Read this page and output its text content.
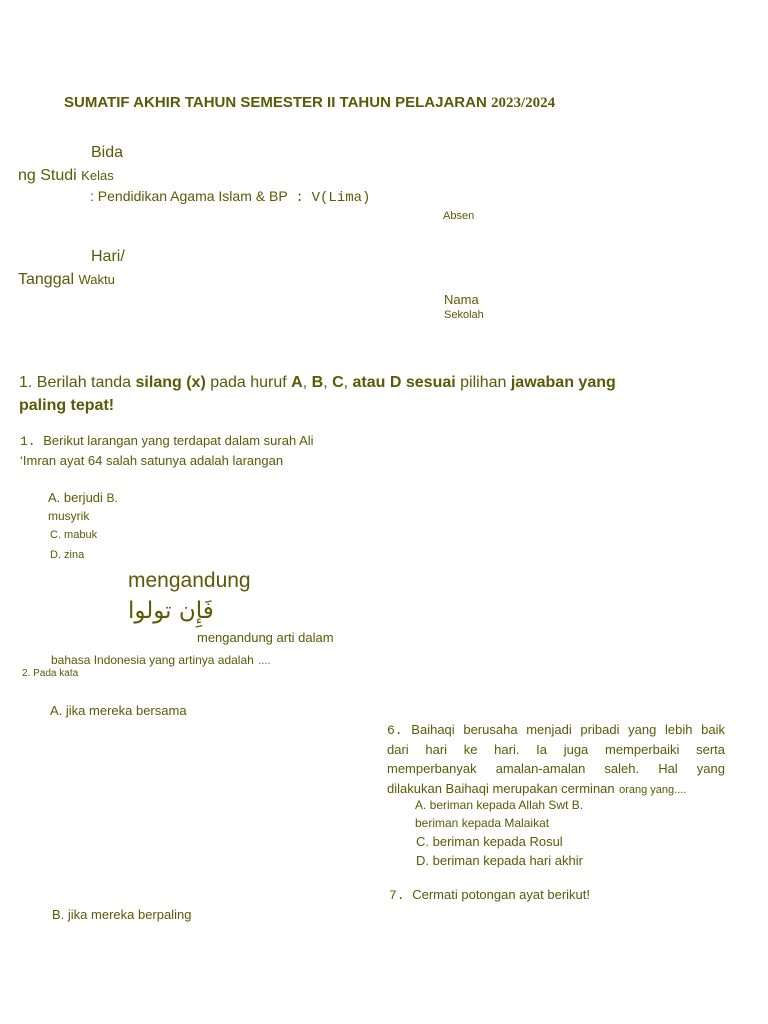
SUMATIF AKHIR TAHUN SEMESTER II TAHUN PELAJARAN 2023/2024
Bida
ng Studi Kelas
: Pendidikan Agama Islam & BP : V(Lima)
Absen
Hari/
Tanggal Waktu
Nama
Sekolah
1. Berilah tanda silang (x) pada huruf A, B, C, atau D sesuai pilihan jawaban yang
paling tepat!
1. Berikut larangan yang terdapat dalam surah Ali
‘Imran ayat 64 salah satunya adalah larangan
A. berjudi B.
musyrik
C. mabuk
D. zina
mengandung
فَإِن تولوا
mengandung arti dalam
bahasa Indonesia yang artinya adalah ....
2. Pada kata
A. jika mereka bersama
B. jika mereka berpaling
6. Baihaqi berusaha menjadi pribadi yang lebih baik
dari hari ke hari. Ia juga memperbaiki serta
memperbanyak amalan-amalan saleh. Hal yang
dilakukan Baihaqi merupakan cerminan orang yang....
A. beriman kepada Allah Swt B.
beriman kepada Malaikat
C. beriman kepada Rosul
D. beriman kepada hari akhir
7. Cermati potongan ayat berikut!
